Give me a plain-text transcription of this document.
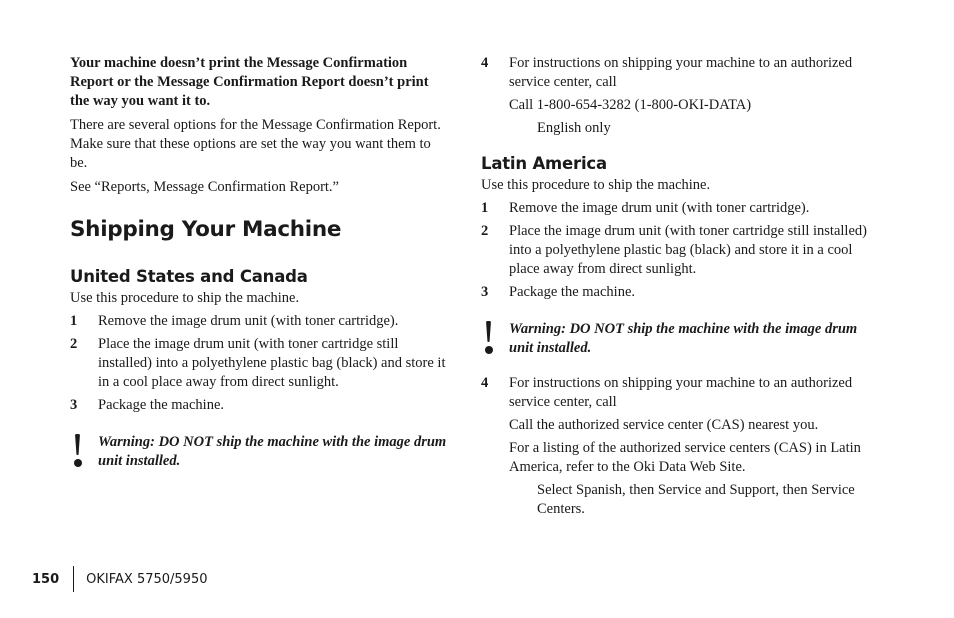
Your machine doesn’t print the Message Confirmation Report or the Message Confirmation Report doesn’t print the way you want it to.

There are several options for the Message Confirmation Report. Make sure that these options are set the way you want them to be.

See “Reports, Message Confirmation Report.”

Shipping Your Machine
United States and Canada

Use this procedure to ship the machine.

1	Remove the image drum unit (with toner cartridge).
2	Place the image drum unit (with toner cartridge still installed) into a polyethylene plastic bag (black) and store it in a cool place away from direct sunlight.
3	Package the machine.
Warning: DO NOT ship the machine with the image drum unit installed.
4	For instructions on shipping your machine to an authorized service center, call

Call 1-800-654-3282 (1-800-OKI-DATA)

English only

Latin America

Use this procedure to ship the machine.

1	Remove the image drum unit (with toner cartridge).
2	Place the image drum unit (with toner cartridge still installed) into a polyethylene plastic bag (black) and store it in a cool place away from direct sunlight.
3	Package the machine.
Warning: DO NOT ship the machine with the image drum unit installed.
4	For instructions on shipping your machine to an authorized service center, call

Call the authorized service center (CAS) nearest you.

For a listing of the authorized service centers (CAS) in Latin America, refer to the Oki Data Web Site.

Select Spanish, then Service and Support, then Service Centers.

150 OKIFAX 5750/5950
